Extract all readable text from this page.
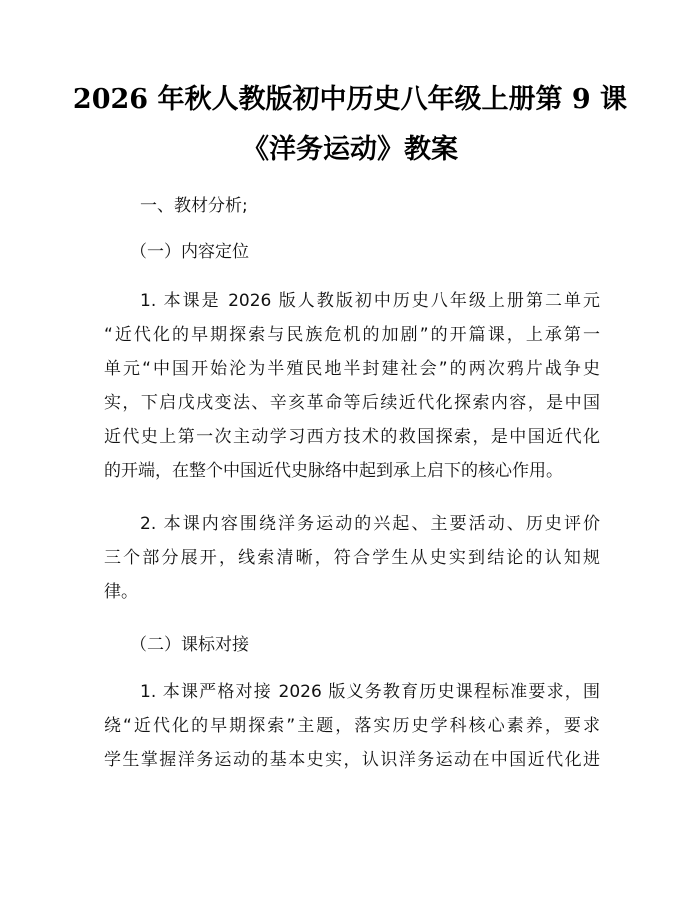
2026 年秋人教版初中历史八年级上册第 9 课
《洋务运动》教案
一、教材分析;
（一）内容定位
1. 本课是 2026 版人教版初中历史八年级上册第二单元
“近代化的早期探索与民族危机的加剧”的开篇课，上承第一
单元“中国开始沦为半殖民地半封建社会”的两次鸦片战争史
实，下启戊戌变法、辛亥革命等后续近代化探索内容，是中国
近代史上第一次主动学习西方技术的救国探索，是中国近代化
的开端，在整个中国近代史脉络中起到承上启下的核心作用。
2. 本课内容围绕洋务运动的兴起、主要活动、历史评价
三个部分展开，线索清晰，符合学生从史实到结论的认知规
律。
（二）课标对接
1. 本课严格对接 2026 版义务教育历史课程标准要求，围
绕“近代化的早期探索”主题，落实历史学科核心素养，要求
学生掌握洋务运动的基本史实，认识洋务运动在中国近代化进
